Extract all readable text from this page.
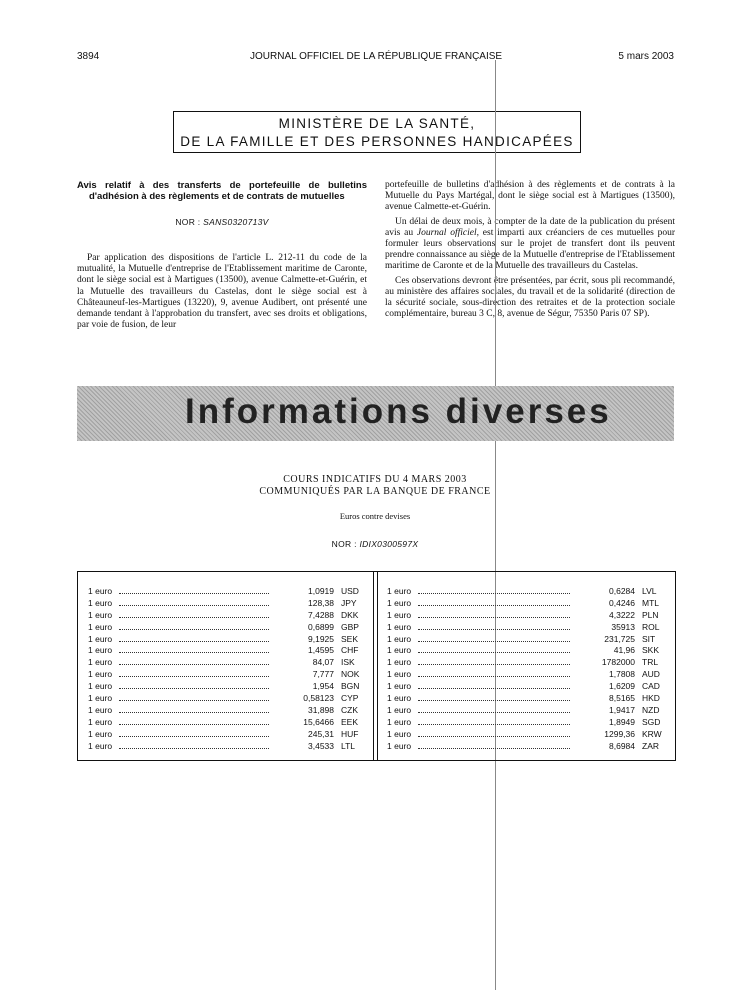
3894	JOURNAL OFFICIEL DE LA RÉPUBLIQUE FRANÇAISE	5 mars 2003
MINISTÈRE DE LA SANTÉ,
DE LA FAMILLE ET DES PERSONNES HANDICAPÉES
Avis relatif à des transferts de portefeuille de bulletins d'adhésion à des règlements et de contrats de mutuelles
NOR : SANS0320713V

Par application des dispositions de l'article L. 212-11 du code de la mutualité, la Mutuelle d'entreprise de l'Etablissement maritime de Caronte, dont le siège social est à Martigues (13500), avenue Calmette-et-Guérin, et la Mutuelle des travailleurs du Castelas, dont le siège social est à Châteauneuf-les-Martigues (13220), 9, avenue Audibert, ont présenté une demande tendant à l'approbation du transfert, avec ses droits et obligations, par voie de fusion, de leur

portefeuille de bulletins d'adhésion à des règlements et de contrats à la Mutuelle du Pays Martégal, dont le siège social est à Martigues (13500), avenue Calmette-et-Guérin.

Un délai de deux mois, à compter de la date de la publication du présent avis au Journal officiel, est imparti aux créanciers de ces mutuelles pour formuler leurs observations sur le projet de transfert dont ils peuvent prendre connaissance au siège de la Mutuelle d'entreprise de l'Etablissement maritime de Caronte et de la Mutuelle des travailleurs du Castelas.

Ces observations devront être présentées, par écrit, sous pli recommandé, au ministère des affaires sociales, du travail et de la solidarité (direction de la sécurité sociale, sous-direction des retraites et de la protection sociale complémentaire, bureau 3 C, 8, avenue de Ségur, 75350 Paris 07 SP).

Informations diverses
COURS INDICATIFS DU 4 MARS 2003
COMMUNIQUÉS PAR LA BANQUE DE FRANCE
Euros contre devises
NOR : IDIX0300597X
1 euro	1,0919 USD
1 euro	128,38 JPY
1 euro	7,4288 DKK
1 euro	0,6899 GBP
1 euro	9,1925 SEK
1 euro	1,4595 CHF
1 euro	84,07 ISK
1 euro	7,777 NOK
1 euro	1,954 BGN
1 euro	0,58123 CYP
1 euro	31,898 CZK
1 euro	15,6466 EEK
1 euro	245,31 HUF
1 euro	3,4533 LTL
1 euro	0,6284 LVL
1 euro	0,4246 MTL
1 euro	4,3222 PLN
1 euro	35913 ROL
1 euro	231,725 SIT
1 euro	41,96 SKK
1 euro	1782000 TRL
1 euro	1,7808 AUD
1 euro	1,6209 CAD
1 euro	8,5165 HKD
1 euro	1,9417 NZD
1 euro	1,8949 SGD
1 euro	1299,36 KRW
1 euro	8,6984 ZAR
